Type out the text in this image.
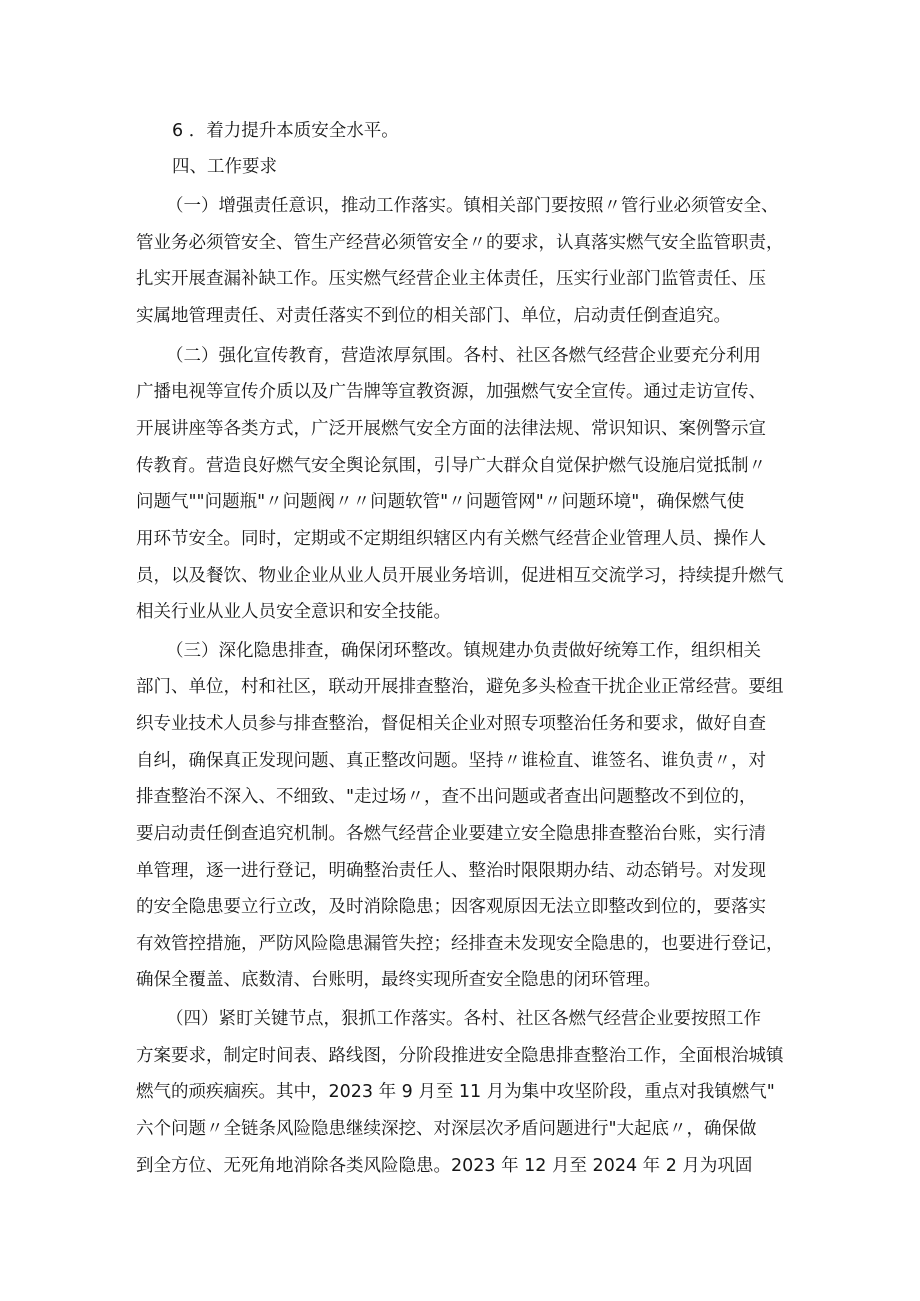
6 ．着力提升本质安全水平。
四、工作要求
（一）增强责任意识，推动工作落实。镇相关部门要按照〃管行业必须管安全、
管业务必须管安全、管生产经营必须管安全〃的要求，认真落实燃气安全监管职责，
扎实开展查漏补缺工作。压实燃气经营企业主体责任，压实行业部门监管责任、压
实属地管理责任、对责任落实不到位的相关部门、单位，启动责任倒查追究。
（二）强化宣传教育，营造浓厚氛围。各村、社区各燃气经营企业要充分利用
广播电视等宣传介质以及广告牌等宣教资源，加强燃气安全宣传。通过走访宣传、
开展讲座等各类方式，广泛开展燃气安全方面的法律法规、常识知识、案例警示宣
传教育。营造良好燃气安全舆论氛围，引导广大群众自觉保护燃气设施启觉抵制〃
问题气""问题瓶"〃问题阀〃〃问题软管"〃问题管网"〃问题环境"，确保燃气使
用环节安全。同时，定期或不定期组织辖区内有关燃气经营企业管理人员、操作人
员，以及餐饮、物业企业从业人员开展业务培训，促进相互交流学习，持续提升燃气
相关行业从业人员安全意识和安全技能。
（三）深化隐患排查，确保闭环整改。镇规建办负责做好统筹工作，组织相关
部门、单位，村和社区，联动开展排查整治，避免多头检查干扰企业正常经营。要组
织专业技术人员参与排查整治，督促相关企业对照专项整治任务和要求，做好自查
自纠，确保真正发现问题、真正整改问题。坚持〃谁检直、谁签名、谁负责〃，对
排查整治不深入、不细致、"走过场〃，查不出问题或者查出问题整改不到位的，
要启动责任倒查追究机制。各燃气经营企业要建立安全隐患排查整治台账，实行清
单管理，逐一进行登记，明确整治责任人、整治时限限期办结、动态销号。对发现
的安全隐患要立行立改，及时消除隐患；因客观原因无法立即整改到位的，要落实
有效管控措施，严防风险隐患漏管失控；经排查未发现安全隐患的，也要进行登记，
确保全覆盖、底数清、台账明，最终实现所查安全隐患的闭环管理。
（四）紧盯关键节点，狠抓工作落实。各村、社区各燃气经营企业要按照工作
方案要求，制定时间表、路线图，分阶段推进安全隐患排查整治工作，全面根治城镇
燃气的顽疾痼疾。其中，2023 年 9 月至 11 月为集中攻坚阶段，重点对我镇燃气"
六个问题〃全链条风险隐患继续深挖、对深层次矛盾问题进行"大起底〃，确保做
到全方位、无死角地消除各类风险隐患。2023 年 12 月至 2024 年 2 月为巩固
